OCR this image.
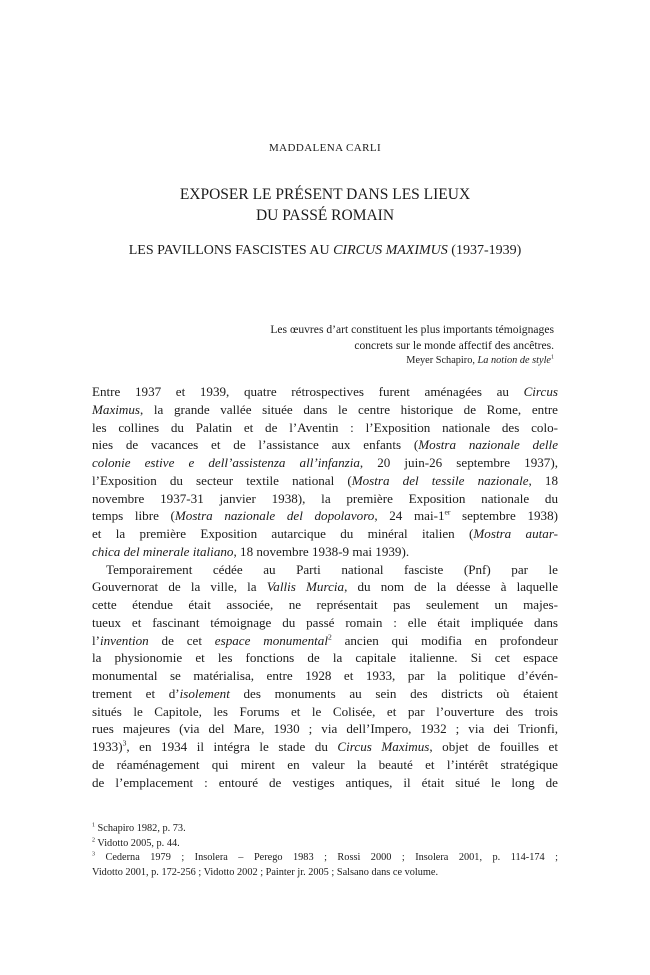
MADDALENA CARLI
EXPOSER LE PRÉSENT DANS LES LIEUX
DU PASSÉ ROMAIN
LES PAVILLONS FASCISTES AU CIRCUS MAXIMUS (1937-1939)
Les œuvres d’art constituent les plus importants témoignages
concrets sur le monde affectif des ancêtres.
Meyer Schapiro, La notion de style$^1$
Entre 1937 et 1939, quatre rétrospectives furent aménagées au Circus
Maximus, la grande vallée située dans le centre historique de Rome, entre
les collines du Palatin et de l’Aventin : l’Exposition nationale des colo-
nies de vacances et de l’assistance aux enfants (Mostra nazionale delle
colonie estive e dell’assistenza all’infanzia, 20 juin-26 septembre 1937),
l’Exposition du secteur textile national (Mostra del tessile nazionale, 18
novembre 1937-31 janvier 1938), la première Exposition nationale du
temps libre (Mostra nazionale del dopolavoro, 24 mai-1er septembre 1938)
et la première Exposition autarcique du minéral italien (Mostra autar-
chica del minerale italiano, 18 novembre 1938-9 mai 1939).
Temporairement cédée au Parti national fasciste (Pnf) par le
Gouvernorat de la ville, la Vallis Murcia, du nom de la déesse à laquelle
cette étendue était associée, ne représentait pas seulement un majes-
tueux et fascinant témoignage du passé romain : elle était impliquée dans
l’invention de cet espace monumental$^2$ ancien qui modifia en profondeur
la physionomie et les fonctions de la capitale italienne. Si cet espace
monumental se matérialisa, entre 1928 et 1933, par la politique d’évén-
trement et d’isolement des monuments au sein des districts où étaient
situés le Capitole, les Forums et le Colisée, et par l’ouverture des trois
rues majeures (via del Mare, 1930 ; via dell’Impero, 1932 ; via dei Trionfi,
1933)$^3$, en 1934 il intégra le stade du Circus Maximus, objet de fouilles et
de réaménagement qui mirent en valeur la beauté et l’intérêt stratégique
de l’emplacement : entouré de vestiges antiques, il était situé le long de
$^1$ Schapiro 1982, p. 73.
$^2$ Vidotto 2005, p. 44.
$^3$ Cederna 1979 ; Insolera – Perego 1983 ; Rossi 2000 ; Insolera 2001, p. 114-174 ;
Vidotto 2001, p. 172-256 ; Vidotto 2002 ; Painter jr. 2005 ; Salsano dans ce volume.
